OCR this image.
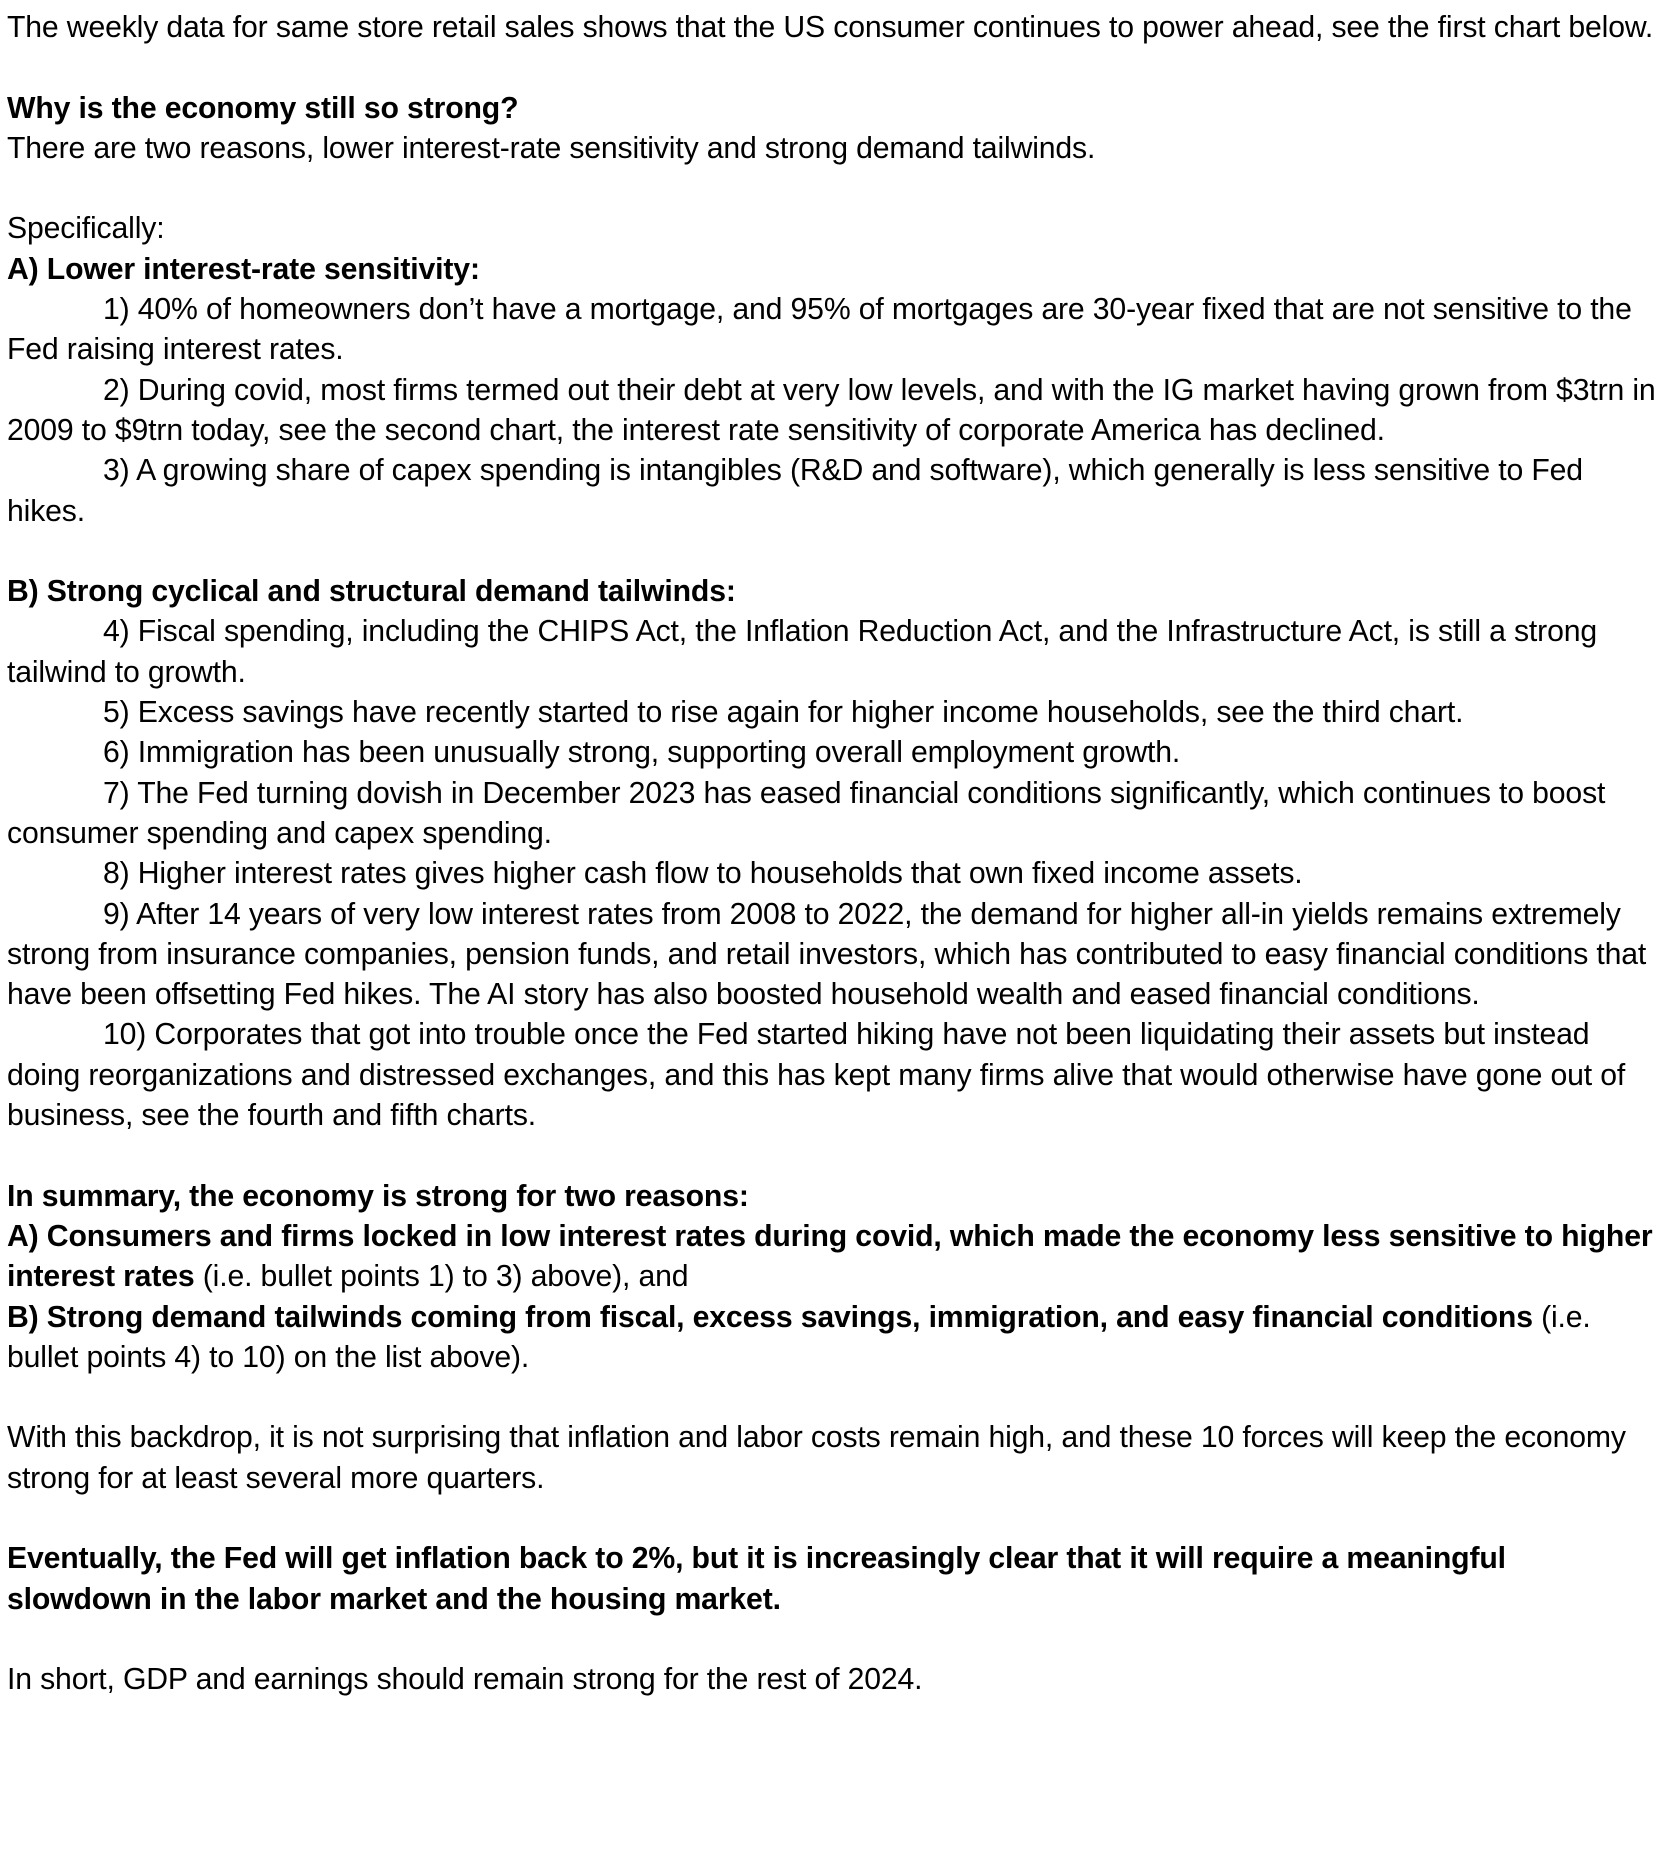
The weekly data for same store retail sales shows that the US consumer continues to power ahead, see the first chart below.

Why is the economy still so strong?

There are two reasons, lower interest-rate sensitivity and strong demand tailwinds.

Specifically:

A) Lower interest-rate sensitivity:

1) 40% of homeowners don’t have a mortgage, and 95% of mortgages are 30-year fixed that are not sensitive to the Fed raising interest rates.

2) During covid, most firms termed out their debt at very low levels, and with the IG market having grown from $3trn in 2009 to $9trn today, see the second chart, the interest rate sensitivity of corporate America has declined.

3) A growing share of capex spending is intangibles (R&D and software), which generally is less sensitive to Fed hikes.

B) Strong cyclical and structural demand tailwinds:

4) Fiscal spending, including the CHIPS Act, the Inflation Reduction Act, and the Infrastructure Act, is still a strong tailwind to growth.

5) Excess savings have recently started to rise again for higher income households, see the third chart.

6) Immigration has been unusually strong, supporting overall employment growth.

7) The Fed turning dovish in December 2023 has eased financial conditions significantly, which continues to boost consumer spending and capex spending.

8) Higher interest rates gives higher cash flow to households that own fixed income assets.

9) After 14 years of very low interest rates from 2008 to 2022, the demand for higher all-in yields remains extremely strong from insurance companies, pension funds, and retail investors, which has contributed to easy financial conditions that have been offsetting Fed hikes. The AI story has also boosted household wealth and eased financial conditions.

10) Corporates that got into trouble once the Fed started hiking have not been liquidating their assets but instead doing reorganizations and distressed exchanges, and this has kept many firms alive that would otherwise have gone out of business, see the fourth and fifth charts.

In summary, the economy is strong for two reasons:

A) Consumers and firms locked in low interest rates during covid, which made the economy less sensitive to higher interest rates (i.e. bullet points 1) to 3) above), and

B) Strong demand tailwinds coming from fiscal, excess savings, immigration, and easy financial conditions (i.e. bullet points 4) to 10) on the list above).

With this backdrop, it is not surprising that inflation and labor costs remain high, and these 10 forces will keep the economy strong for at least several more quarters.

Eventually, the Fed will get inflation back to 2%, but it is increasingly clear that it will require a meaningful slowdown in the labor market and the housing market.

In short, GDP and earnings should remain strong for the rest of 2024.
